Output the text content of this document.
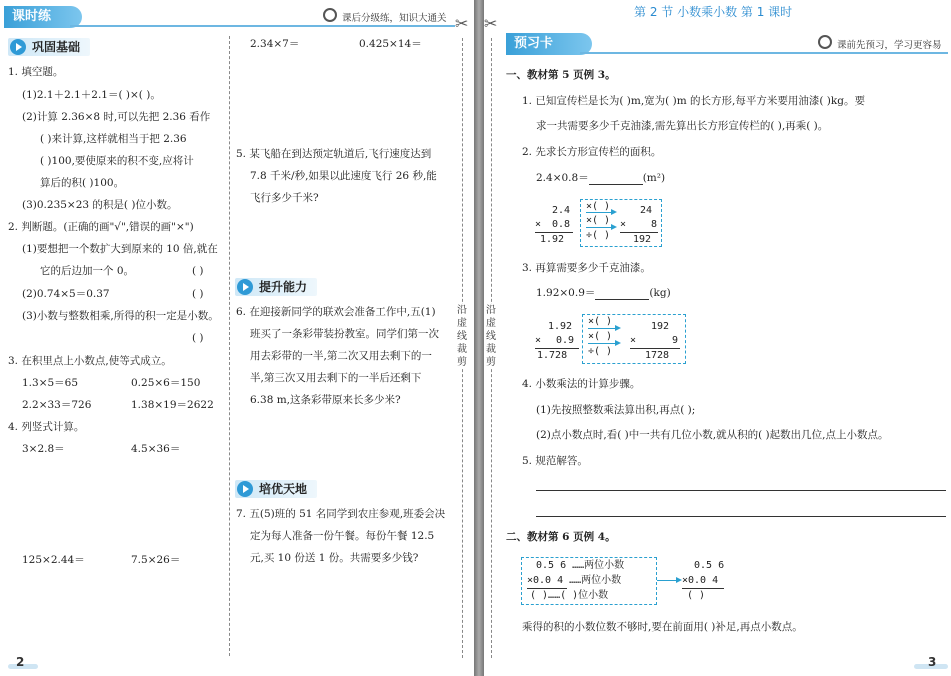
课时练	课后分级练，知识大通关
巩固基础
1. 填空题。
(1)2.1＋2.1＋2.1＝( )×( )。
(2)计算 2.36×8 时,可以先把 2.36 看作
( )来计算,这样就相当于把 2.36
( )100,要使原来的积不变,应将计
算后的积( )100。
(3)0.235×23 的积是( )位小数。
2. 判断题。(正确的画"√",错误的画"×")
(1)要想把一个数扩大到原来的 10 倍,就在
它的后边加一个 0。	( )
(2)0.74×5＝0.37	( )
(3)小数与整数相乘,所得的积一定是小数。
( )
3. 在积里点上小数点,使等式成立。
1.3×5＝65	0.25×6＝150
2.2×33＝726	1.38×19＝2622
4. 列竖式计算。
3×2.8＝	4.5×36＝
125×2.44＝	7.5×26＝
2.34×7＝	0.425×14＝
5. 某飞船在到达预定轨道后,飞行速度达到
7.8 千米/秒,如果以此速度飞行 26 秒,能
飞行多少千米?
提升能力
6. 在迎接新同学的联欢会准备工作中,五(1)
班买了一条彩带装扮教室。同学们第一次
用去彩带的一半,第二次又用去剩下的一
半,第三次又用去剩下的一半后还剩下
6.38 m,这条彩带原来长多少米?
培优天地
7. 五(5)班的 51 名同学到农庄参观,班委会决
定为每人准备一份午餐。每份午餐 12.5
元,买 10 份送 1 份。共需要多少钱?
2
✂
沿
虚
线
裁
剪
✂
沿
虚
线
裁
剪
第 2 节 小数乘小数 第 1 课时
预习卡	课前先预习，学习更容易
一、教材第 5 页例 3。
1. 已知宣传栏是长为( )m,宽为( )m 的长方形,每平方米要用油漆( )kg。要
求一共需要多少千克油漆,需先算出长方形宣传栏的( ),再乘( )。
2. 先求长方形宣传栏的面积。
2.4×0.8＝	(m²)
2.4
× 0.8
1.92
×( )
×( )
÷( )
24
× 8
192
3. 再算需要多少千克油漆。
1.92×0.9＝	(kg)
1.92
× 0.9
1.728
×( )
×( )
÷( )
192
×	9
1728
4. 小数乘法的计算步骤。
(1)先按照整数乘法算出积,再点( );
(2)点小数点时,看( )中一共有几位小数,就从积的( )起数出几位,点上小数点。
5. 规范解答。
二、教材第 6 页例 4。
0.5 6 ……两位小数
×0.0 4 ……两位小数
( )……( )位小数
0.5 6
×0.0 4
( )
乘得的积的小数位数不够时,要在前面用( )补足,再点小数点。
3
